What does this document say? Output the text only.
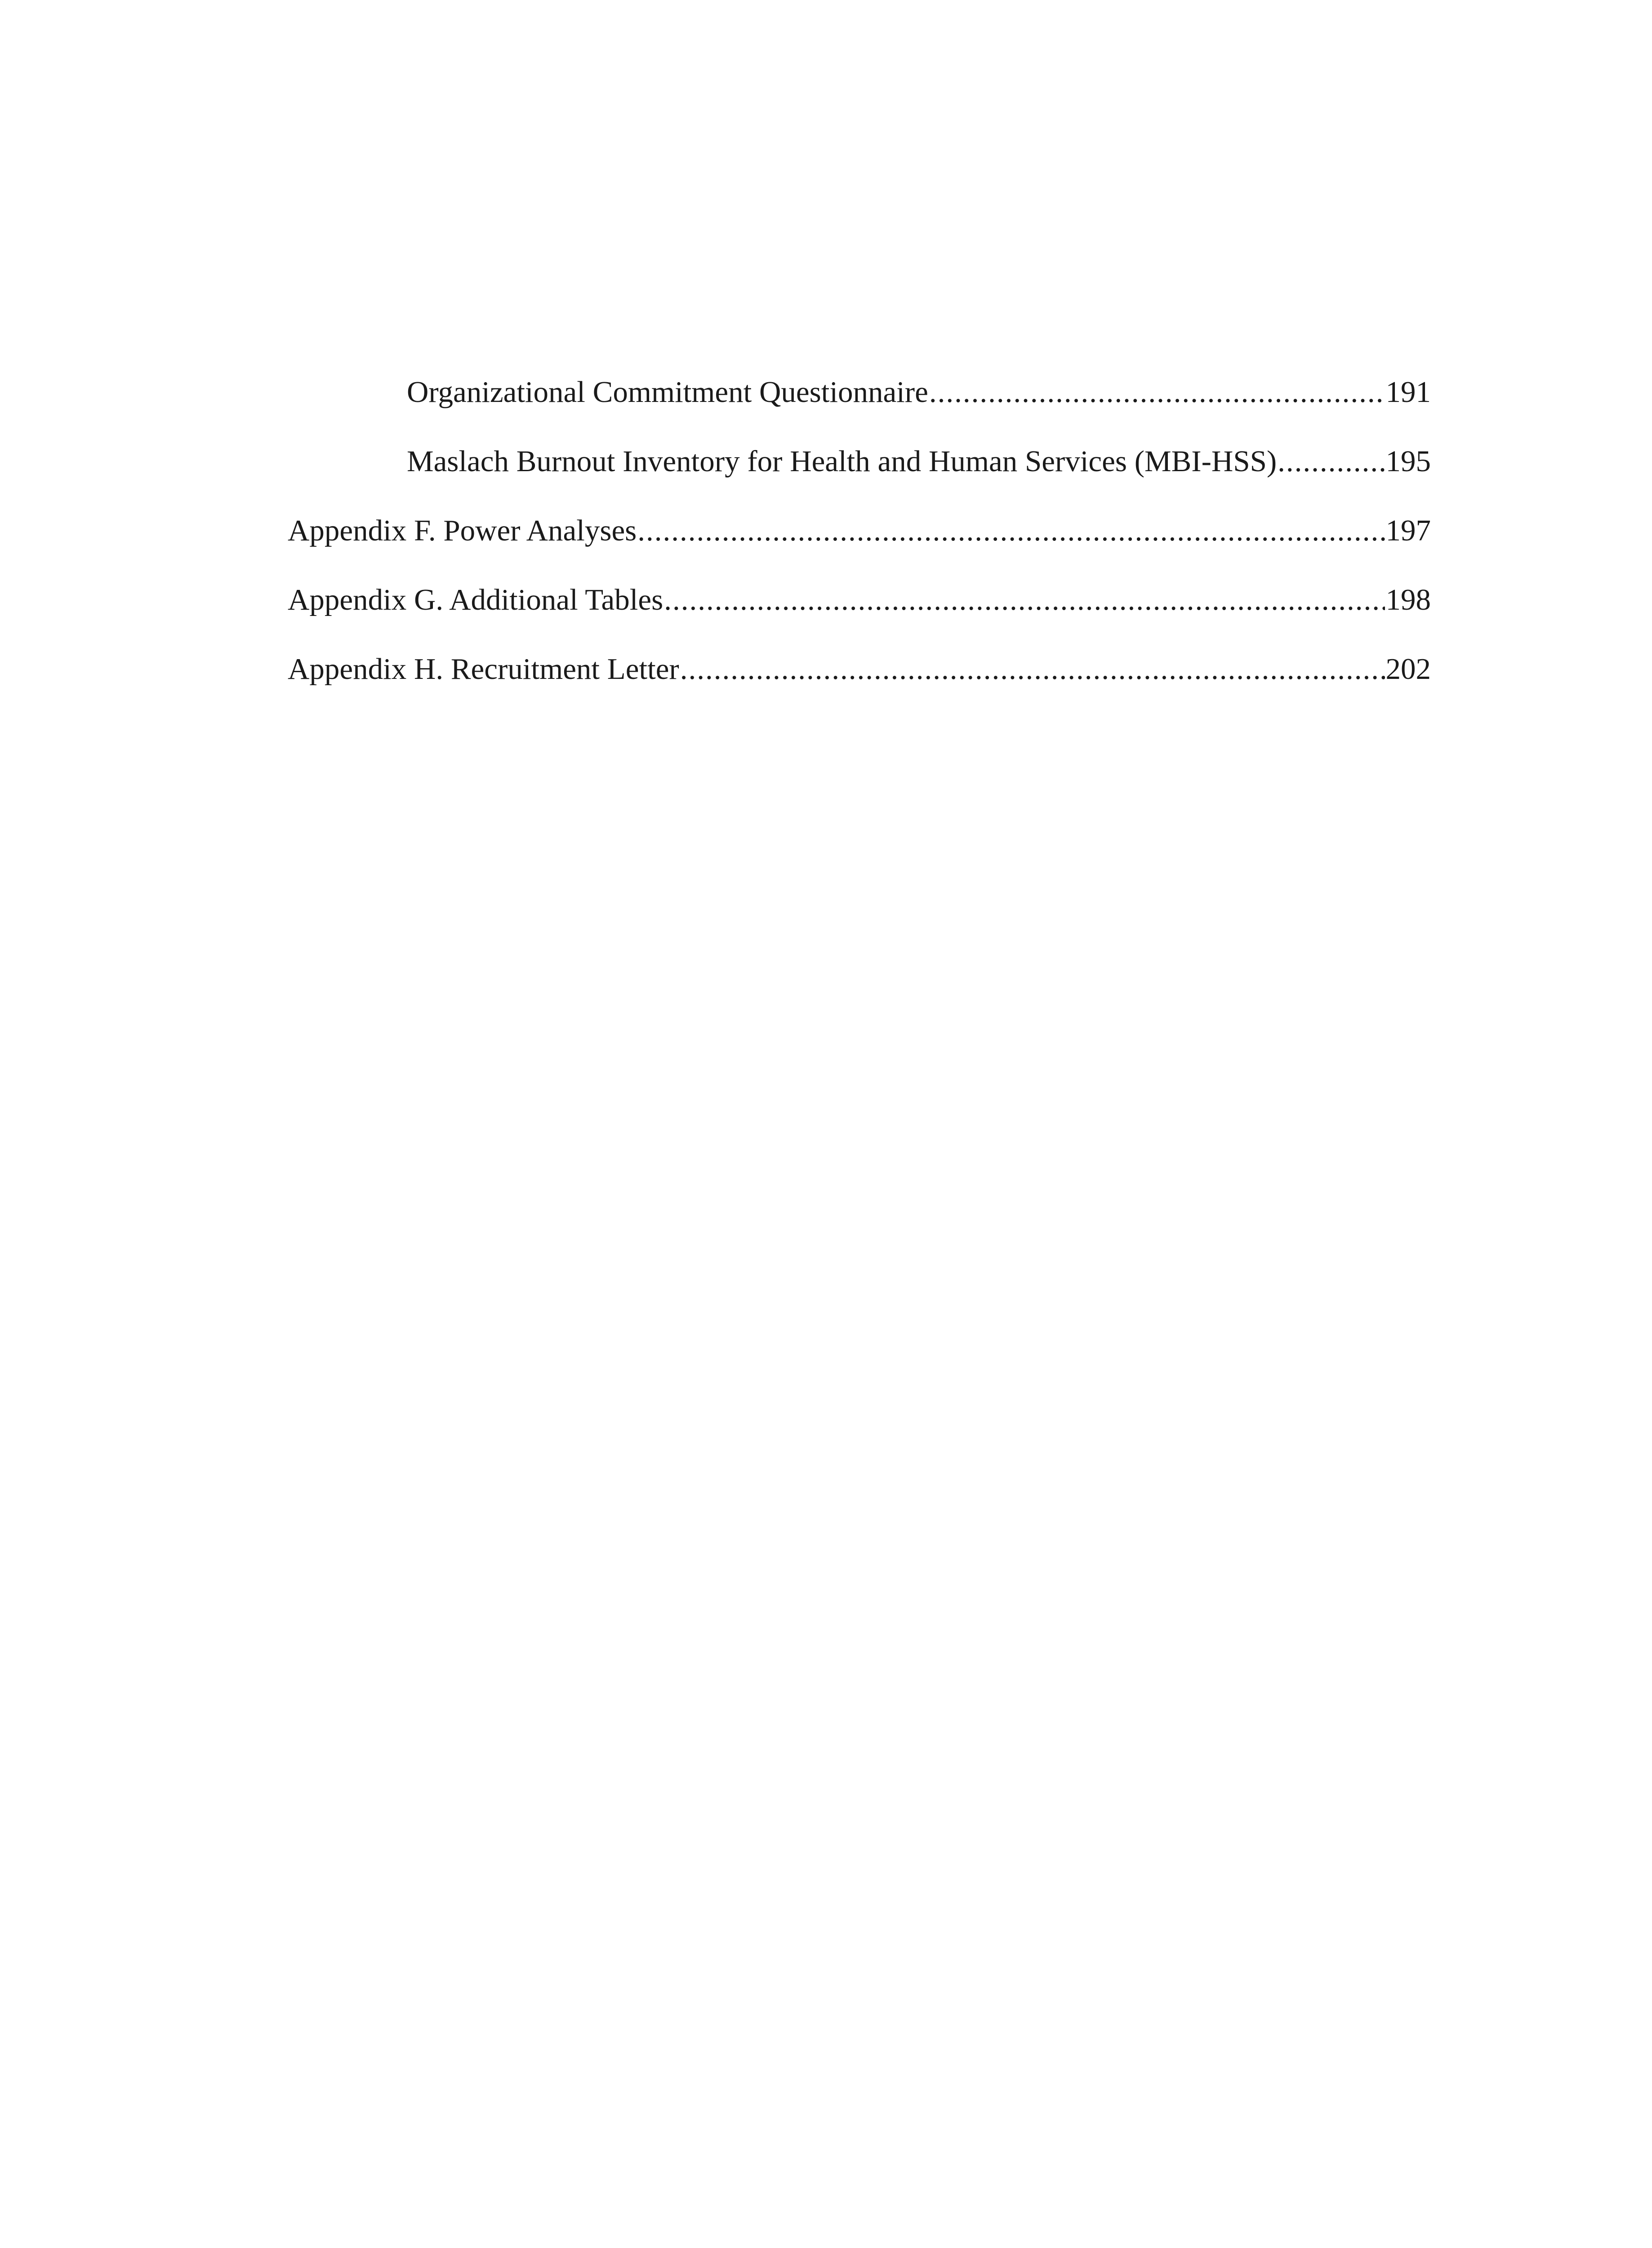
Organizational Commitment Questionnaire .....	191
Maslach Burnout Inventory for Health and Human Services (MBI-HSS) .....	195
Appendix F. Power Analyses .....	197
Appendix G. Additional Tables .....	198
Appendix H. Recruitment Letter .....	202
